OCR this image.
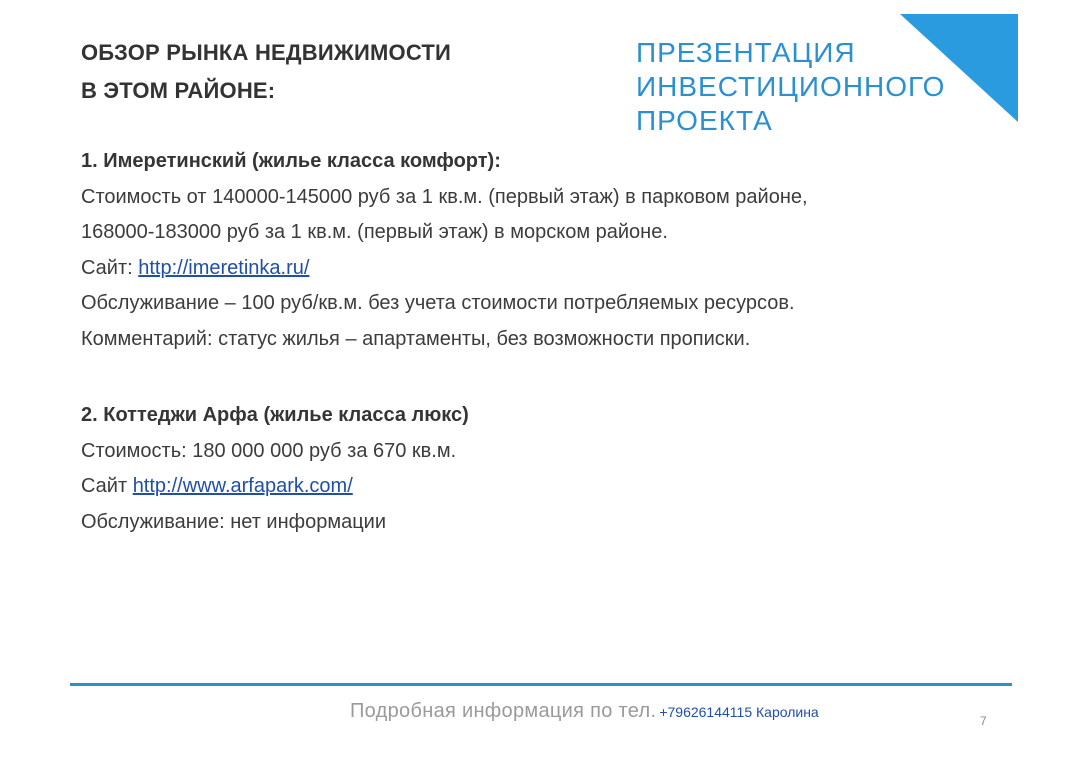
ОБЗОР РЫНКА НЕДВИЖИМОСТИ
В ЭТОМ РАЙОНЕ:
ПРЕЗЕНТАЦИЯ
ИНВЕСТИЦИОННОГО
ПРОЕКТА
1. Имеретинский (жилье класса комфорт):
Стоимость от 140000-145000 руб за 1 кв.м. (первый этаж) в парковом районе,
168000-183000 руб за 1 кв.м. (первый этаж) в морском районе.
Сайт: http://imeretinka.ru/
Обслуживание – 100 руб/кв.м. без учета стоимости потребляемых ресурсов.
Комментарий: статус жилья – апартаменты, без возможности прописки.
2. Коттеджи Арфа (жилье класса люкс)
Стоимость: 180 000 000 руб за 670 кв.м.
Сайт http://www.arfapark.com/
Обслуживание: нет информации
Подробная информация по тел. +79626144115 Каролина
7
